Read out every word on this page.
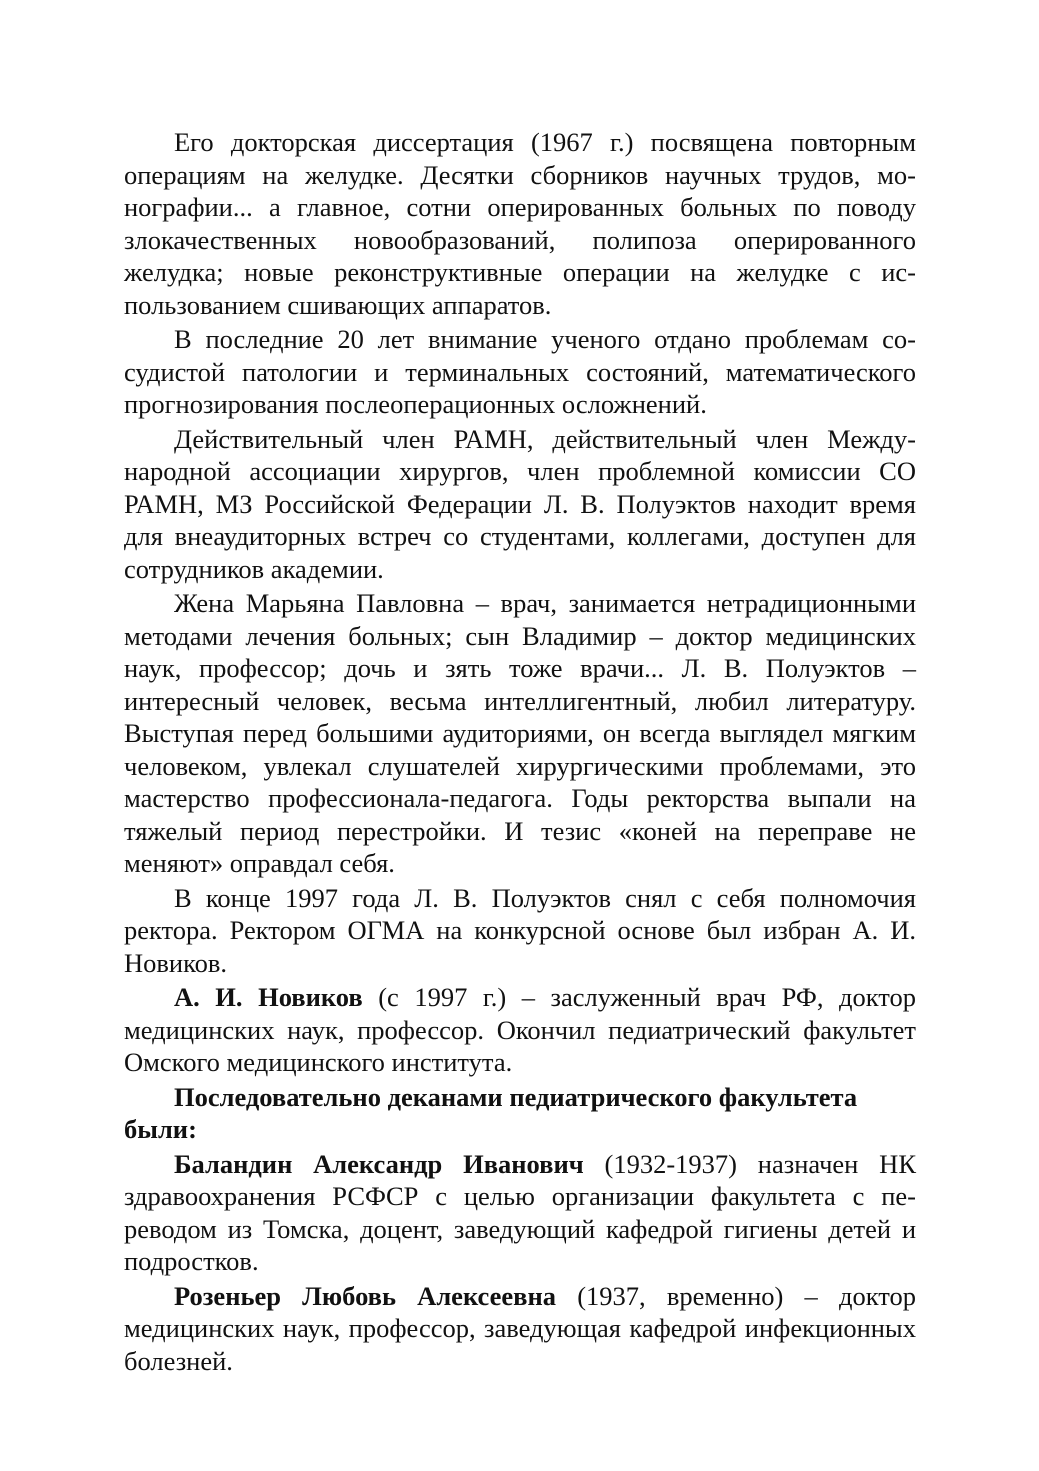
Его докторская диссертация (1967 г.) посвящена повторным операциям на желудке. Десятки сборников научных трудов, монографии... а главное, сотни оперированных больных по поводу злокачественных новообразований, полипоза оперированного желудка; новые реконструктивные операции на желудке с использованием сшивающих аппаратов.

В последние 20 лет внимание ученого отдано проблемам сосудистой патологии и терминальных состояний, математического прогнозирования послеоперационных осложнений.

Действительный член РАМН, действительный член Международной ассоциации хирургов, член проблемной комиссии СО РАМН, МЗ Российской Федерации Л. В. Полуэктов находит время для внеаудиторных встреч со студентами, коллегами, доступен для сотрудников академии.

Жена Марьяна Павловна – врач, занимается нетрадиционными методами лечения больных; сын Владимир – доктор медицинских наук, профессор; дочь и зять тоже врачи... Л. В. Полуэктов – интересный человек, весьма интеллигентный, любил литературу. Выступая перед большими аудиториями, он всегда выглядел мягким человеком, увлекал слушателей хирургическими проблемами, это мастерство профессионала-педагога. Годы ректорства выпали на тяжелый период перестройки. И тезис «коней на переправе не меняют» оправдал себя.

В конце 1997 года Л. В. Полуэктов снял с себя полномочия ректора. Ректором ОГМА на конкурсной основе был избран А. И. Новиков.

А. И. Новиков (с 1997 г.) – заслуженный врач РФ, доктор медицинских наук, профессор. Окончил педиатрический факультет Омского медицинского института.

Последовательно деканами педиатрического факультета были:

Баландин Александр Иванович (1932-1937) назначен НК здравоохранения РСФСР с целью организации факультета с переводом из Томска, доцент, заведующий кафедрой гигиены детей и подростков.

Розеньер Любовь Алексеевна (1937, временно) – доктор медицинских наук, профессор, заведующая кафедрой инфекционных болезней.
